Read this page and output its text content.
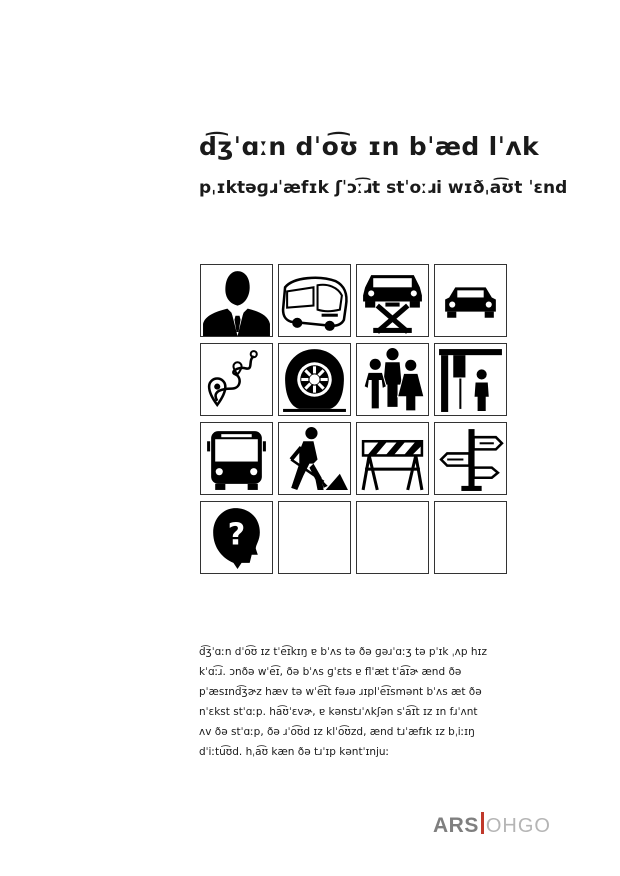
d͡ʒˈɑːn dˈo͡ʊ ɪn bˈæd lˈʌk
pˌɪktəɡɹˈæfɪk ʃˈɔː͡ɹt stˈoːɹi wɪðˌa͡ʊt ˈɛnd
?
d͡ʒˈɑːn dˈo͡ʊ ɪz tˈe͡ɪkɪŋ ɐ bˈʌs tə ðə ɡəɹˈɑːʒ tə pˈɪk ˌʌp hɪz
kˈɑː͡ɹ. ɔnðə wˈe͡ɪ, ðə bˈʌs ɡˈɛts ɐ flˈæt tˈa͡ɪɚ ænd ðə
pˈæsɪnd͡ʒɚz hæv tə wˈe͡ɪt fəɹə ɹɪplˈe͡ɪsmənt bˈʌs æt ðə
nˈɛkst stˈɑːp. ha͡ʊˈɛvɚ, ɐ kənstɹˈʌkʃən sˈa͡ɪt ɪz ɪn fɹˈʌnt
ʌv ðə stˈɑːp, ðə ɹˈo͡ʊd ɪz klˈo͡ʊzd, ænd tɹˈæfɪk ɪz bˌiːɪŋ
dˈiːtu͡ʊd. hˌa͡ʊ kæn ðə tɹˈɪp kəntˈɪnjuː
ARS OHGO
